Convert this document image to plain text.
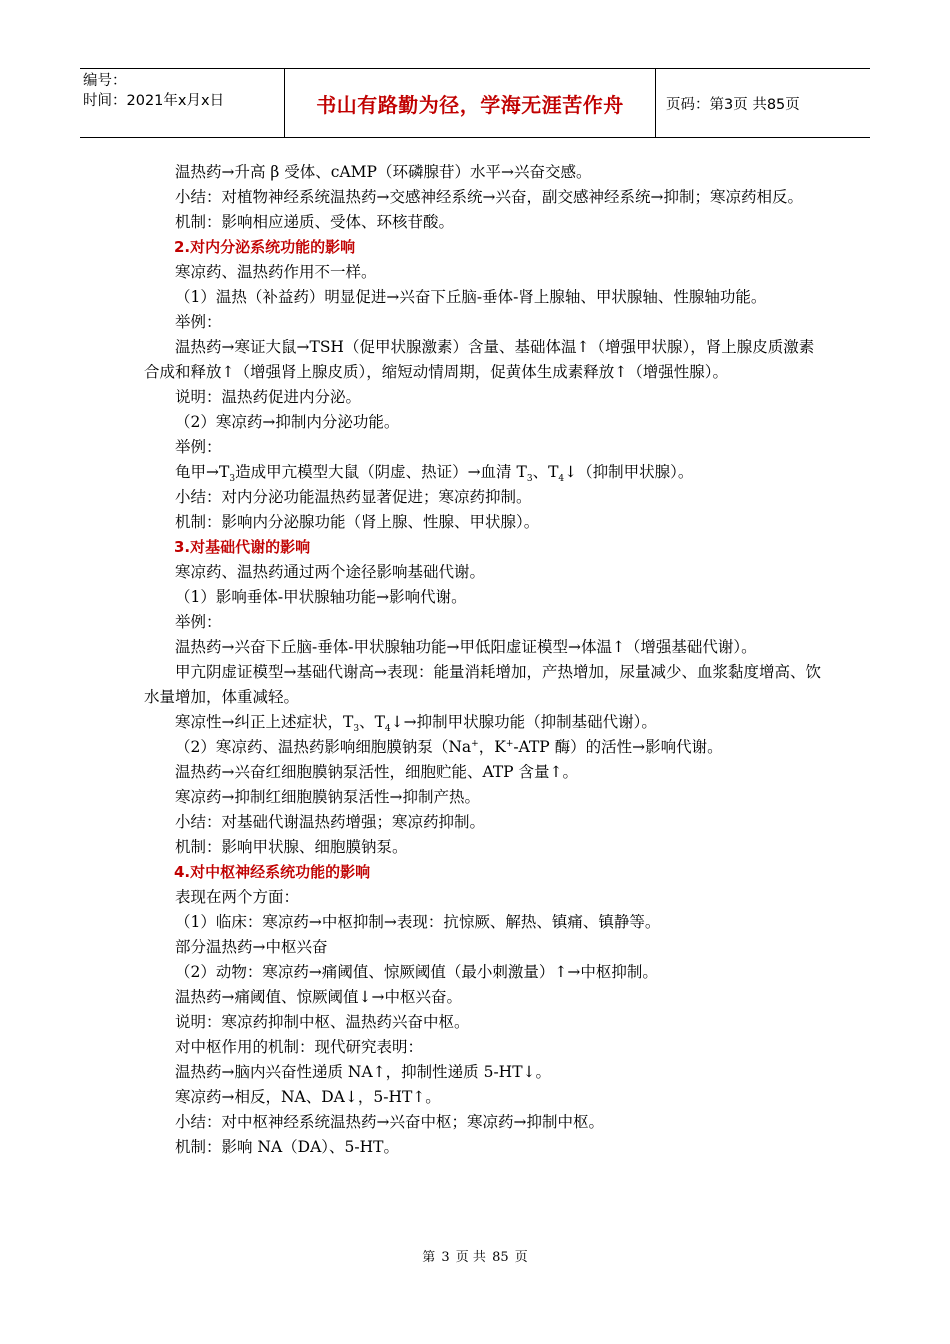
编号：
时间：2021年x月x日	书山有路勤为径，学海无涯苦作舟	页码：第3页 共85页

温热药→升高 β 受体、cAMP（环磷腺苷）水平→兴奋交感。

小结：对植物神经系统温热药→交感神经系统→兴奋，副交感神经系统→抑制；寒凉药相反。

机制：影响相应递质、受体、环核苷酸。

2.对内分泌系统功能的影响

寒凉药、温热药作用不一样。

（1）温热（补益药）明显促进→兴奋下丘脑-垂体-肾上腺轴、甲状腺轴、性腺轴功能。

举例：

温热药→寒证大鼠→TSH（促甲状腺激素）含量、基础体温↑（增强甲状腺），肾上腺皮质激素合成和释放↑（增强肾上腺皮质），缩短动情周期，促黄体生成素释放↑（增强性腺）。

说明：温热药促进内分泌。

（2）寒凉药→抑制内分泌功能。

举例：

龟甲$\to T_3$造成甲亢模型大鼠（阴虚、热证）→血清 $T_3$、$T_4↓$（抑制甲状腺）。

小结：对内分泌功能温热药显著促进；寒凉药抑制。

机制：影响内分泌腺功能（肾上腺、性腺、甲状腺）。

3.对基础代谢的影响

寒凉药、温热药通过两个途径影响基础代谢。

（1）影响垂体-甲状腺轴功能→影响代谢。

举例：

温热药→兴奋下丘脑-垂体-甲状腺轴功能→甲低阳虚证模型→体温↑（增强基础代谢）。

甲亢阴虚证模型→基础代谢高→表现：能量消耗增加，产热增加，尿量减少、血浆黏度增高、饮水量增加，体重减轻。

寒凉性→纠正上述症状，$T_3$、$T_4↓\to$抑制甲状腺功能（抑制基础代谢）。

（2）寒凉药、温热药影响细胞膜钠泵（Na+，K+-ATP 酶）的活性→影响代谢。

温热药→兴奋红细胞膜钠泵活性，细胞贮能、ATP 含量↑。

寒凉药→抑制红细胞膜钠泵活性→抑制产热。

小结：对基础代谢温热药增强；寒凉药抑制。

机制：影响甲状腺、细胞膜钠泵。

4.对中枢神经系统功能的影响

表现在两个方面：

（1）临床：寒凉药→中枢抑制→表现：抗惊厥、解热、镇痛、镇静等。

部分温热药→中枢兴奋

（2）动物：寒凉药→痛阈值、惊厥阈值（最小刺激量）↑→中枢抑制。

温热药→痛阈值、惊厥阈值↓→中枢兴奋。

说明：寒凉药抑制中枢、温热药兴奋中枢。

对中枢作用的机制：现代研究表明：

温热药→脑内兴奋性递质 NA↑，抑制性递质 5-HT↓。

寒凉药→相反，NA、DA↓，5-HT↑。

小结：对中枢神经系统温热药→兴奋中枢；寒凉药→抑制中枢。

机制：影响 NA（DA）、5-HT。

第 3 页 共 85 页
